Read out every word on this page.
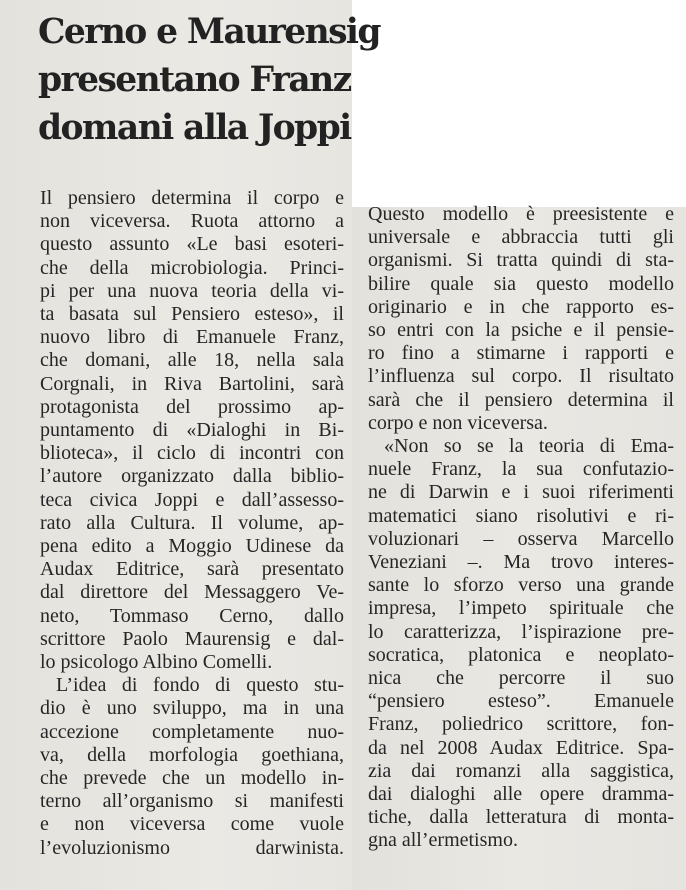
Cerno e Maurensig
presentano Franz
domani alla Joppi
Il pensiero determina il corpo e
non viceversa. Ruota attorno a
questo assunto «Le basi esoteri-
che della microbiologia. Princi-
pi per una nuova teoria della vi-
ta basata sul Pensiero esteso», il
nuovo libro di Emanuele Franz,
che domani, alle 18, nella sala
Corgnali, in Riva Bartolini, sarà
protagonista del prossimo ap-
puntamento di «Dialoghi in Bi-
blioteca», il ciclo di incontri con
l’autore organizzato dalla biblio-
teca civica Joppi e dall’assesso-
rato alla Cultura. Il volume, ap-
pena edito a Moggio Udinese da
Audax Editrice, sarà presentato
dal direttore del Messaggero Ve-
neto, Tommaso Cerno, dallo
scrittore Paolo Maurensig e dal-
lo psicologo Albino Comelli.
L’idea di fondo di questo stu-
dio è uno sviluppo, ma in una
accezione completamente nuo-
va, della morfologia goethiana,
che prevede che un modello in-
terno all’organismo si manifesti
e non viceversa come vuole
l’evoluzionismo darwinista.
Questo modello è preesistente e
universale e abbraccia tutti gli
organismi. Si tratta quindi di sta-
bilire quale sia questo modello
originario e in che rapporto es-
so entri con la psiche e il pensie-
ro fino a stimarne i rapporti e
l’influenza sul corpo. Il risultato
sarà che il pensiero determina il
corpo e non viceversa.
«Non so se la teoria di Ema-
nuele Franz, la sua confutazio-
ne di Darwin e i suoi riferimenti
matematici siano risolutivi e ri-
voluzionari – osserva Marcello
Veneziani –. Ma trovo interes-
sante lo sforzo verso una grande
impresa, l’impeto spirituale che
lo caratterizza, l’ispirazione pre-
socratica, platonica e neoplato-
nica che percorre il suo
“pensiero esteso”. Emanuele
Franz, poliedrico scrittore, fon-
da nel 2008 Audax Editrice. Spa-
zia dai romanzi alla saggistica,
dai dialoghi alle opere dramma-
tiche, dalla letteratura di monta-
gna all’ermetismo.
